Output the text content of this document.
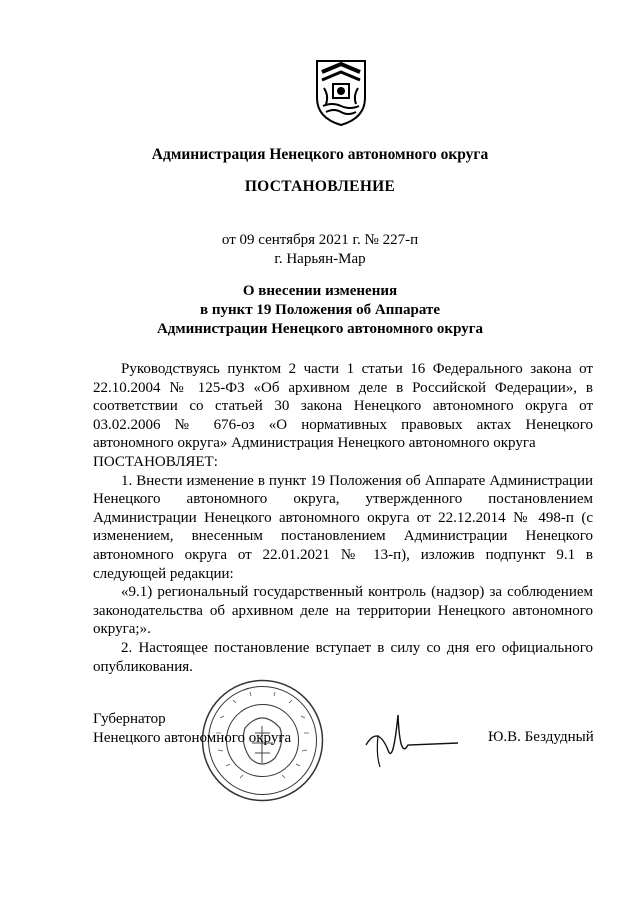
Администрация Ненецкого автономного округа
ПОСТАНОВЛЕНИЕ
от 09 сентября 2021 г. № 227-п
г. Нарьян-Мар
О внесении изменения
в пункт 19 Положения об Аппарате
Администрации Ненецкого автономного округа

Руководствуясь пунктом 2 части 1 статьи 16 Федерального закона от 22.10.2004 № 125-ФЗ «Об архивном деле в Российской Федерации», в соответствии со статьей 30 закона Ненецкого автономного округа от 03.02.2006 № 676-оз «О нормативных правовых актах Ненецкого автономного округа» Администрация Ненецкого автономного округа

ПОСТАНОВЛЯЕТ:

1. Внести изменение в пункт 19 Положения об Аппарате Администрации Ненецкого автономного округа, утвержденного постановлением Администрации Ненецкого автономного округа от 22.12.2014 № 498-п (с изменением, внесенным постановлением Администрации Ненецкого автономного округа от 22.01.2021 № 13-п), изложив подпункт 9.1 в следующей редакции:

«9.1) региональный государственный контроль (надзор) за соблюдением законодательства об архивном деле на территории Ненецкого автономного округа;».

2. Настоящее постановление вступает в силу со дня его официального опубликования.

Губернатор
Ненецкого автономного округа	Ю.В. Бездудный
